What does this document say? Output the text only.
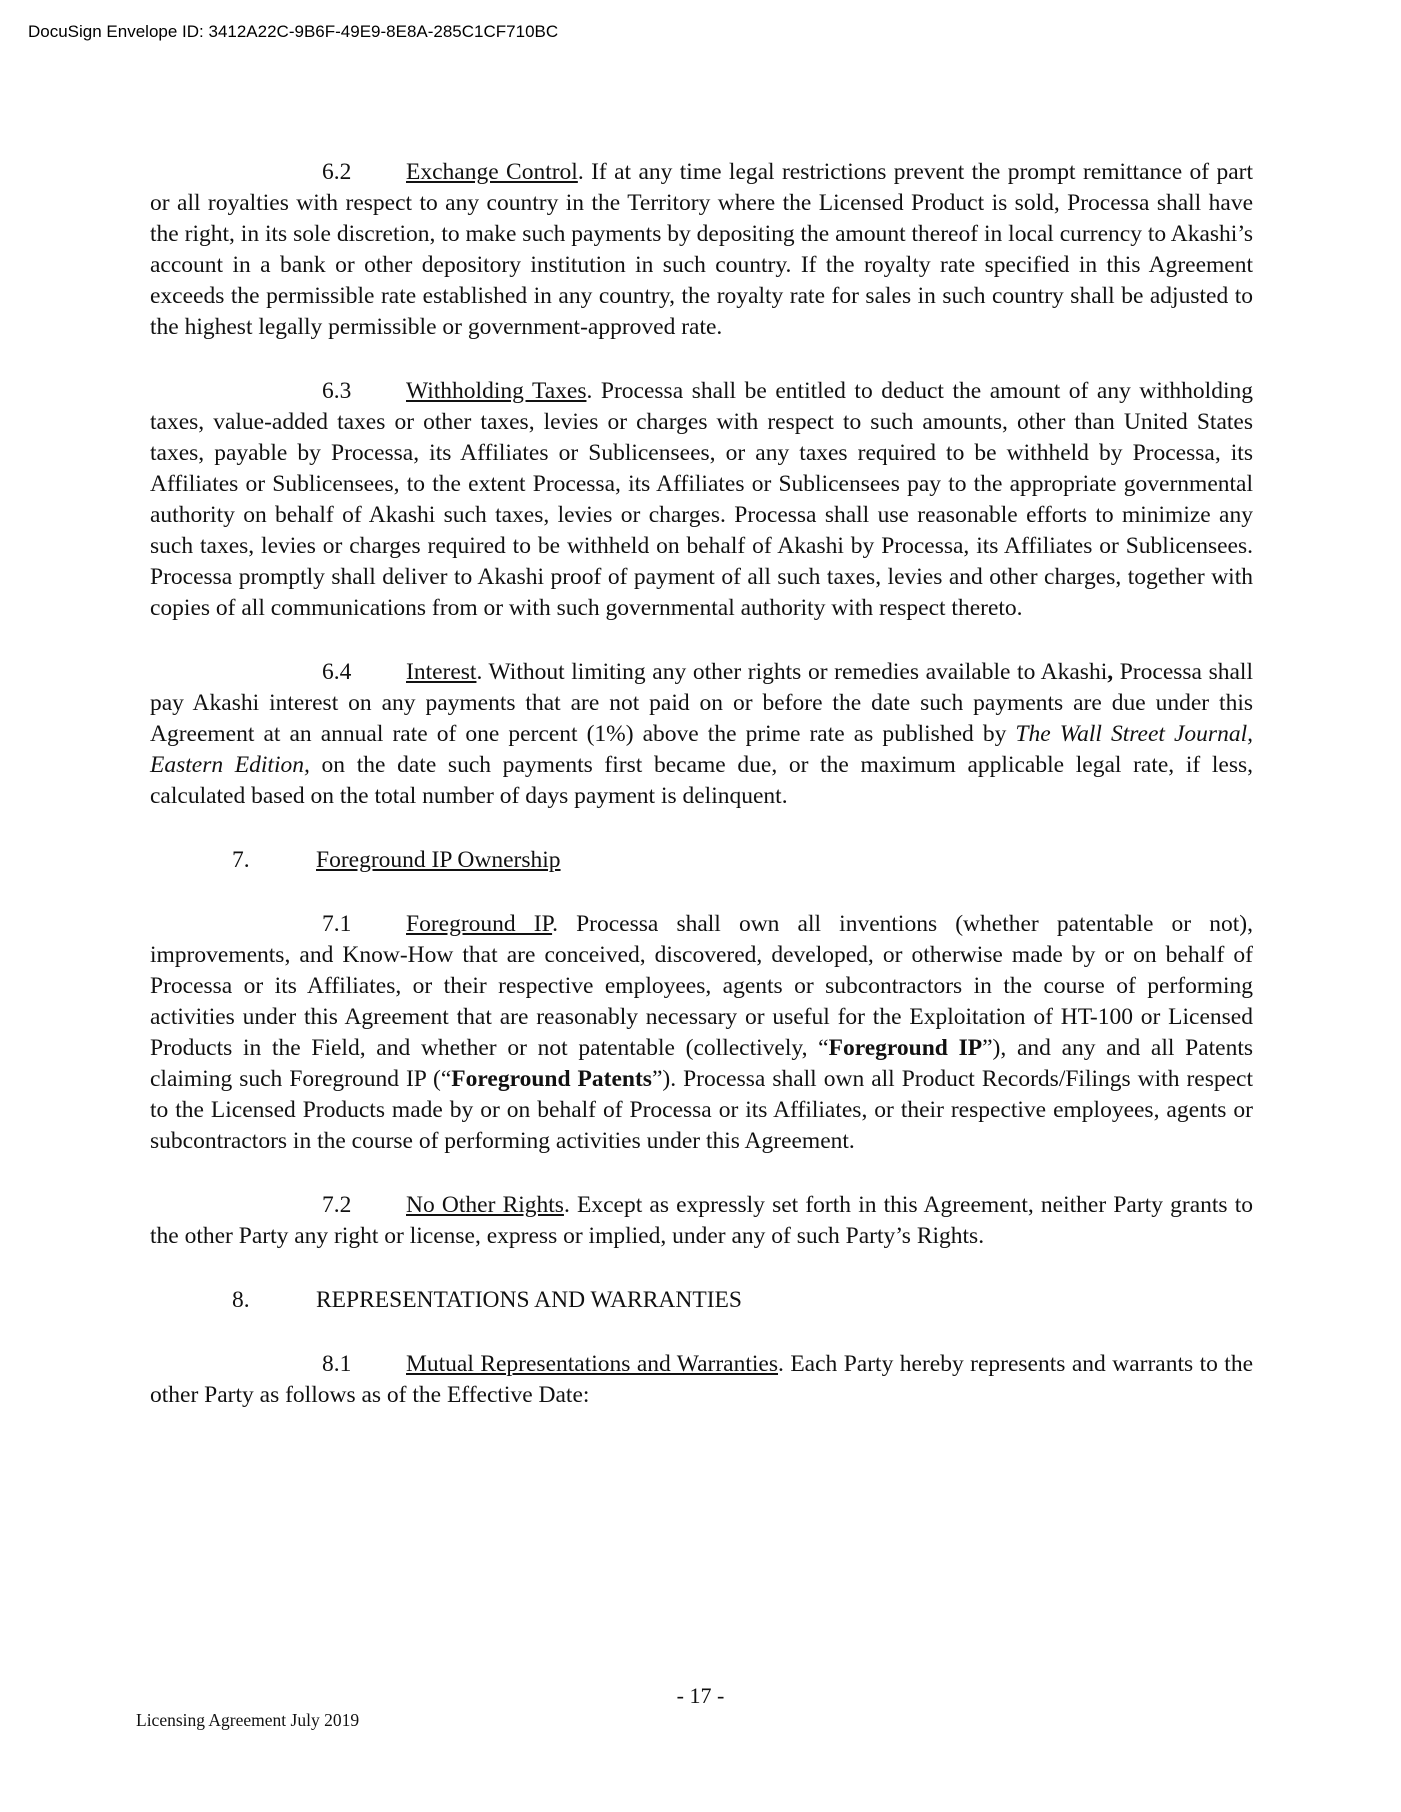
DocuSign Envelope ID: 3412A22C-9B6F-49E9-8E8A-285C1CF710BC

6.2 Exchange Control. If at any time legal restrictions prevent the prompt remittance of part or all royalties with respect to any country in the Territory where the Licensed Product is sold, Processa shall have the right, in its sole discretion, to make such payments by depositing the amount thereof in local currency to Akashi’s account in a bank or other depository institution in such country. If the royalty rate specified in this Agreement exceeds the permissible rate established in any country, the royalty rate for sales in such country shall be adjusted to the highest legally permissible or government-approved rate.

6.3 Withholding Taxes. Processa shall be entitled to deduct the amount of any withholding taxes, value-added taxes or other taxes, levies or charges with respect to such amounts, other than United States taxes, payable by Processa, its Affiliates or Sublicensees, or any taxes required to be withheld by Processa, its Affiliates or Sublicensees, to the extent Processa, its Affiliates or Sublicensees pay to the appropriate governmental authority on behalf of Akashi such taxes, levies or charges. Processa shall use reasonable efforts to minimize any such taxes, levies or charges required to be withheld on behalf of Akashi by Processa, its Affiliates or Sublicensees. Processa promptly shall deliver to Akashi proof of payment of all such taxes, levies and other charges, together with copies of all communications from or with such governmental authority with respect thereto.

6.4 Interest. Without limiting any other rights or remedies available to Akashi, Processa shall pay Akashi interest on any payments that are not paid on or before the date such payments are due under this Agreement at an annual rate of one percent (1%) above the prime rate as published by The Wall Street Journal, Eastern Edition, on the date such payments first became due, or the maximum applicable legal rate, if less, calculated based on the total number of days payment is delinquent.

7.	Foreground IP Ownership

7.1 Foreground IP. Processa shall own all inventions (whether patentable or not), improvements, and Know-How that are conceived, discovered, developed, or otherwise made by or on behalf of Processa or its Affiliates, or their respective employees, agents or subcontractors in the course of performing activities under this Agreement that are reasonably necessary or useful for the Exploitation of HT-100 or Licensed Products in the Field, and whether or not patentable (collectively, “Foreground IP”), and any and all Patents claiming such Foreground IP (“Foreground Patents”). Processa shall own all Product Records/Filings with respect to the Licensed Products made by or on behalf of Processa or its Affiliates, or their respective employees, agents or subcontractors in the course of performing activities under this Agreement.

7.2 No Other Rights. Except as expressly set forth in this Agreement, neither Party grants to the other Party any right or license, express or implied, under any of such Party’s Rights.

8.	REPRESENTATIONS AND WARRANTIES

8.1 Mutual Representations and Warranties. Each Party hereby represents and warrants to the other Party as follows as of the Effective Date:

- 17 -
Licensing Agreement July 2019
